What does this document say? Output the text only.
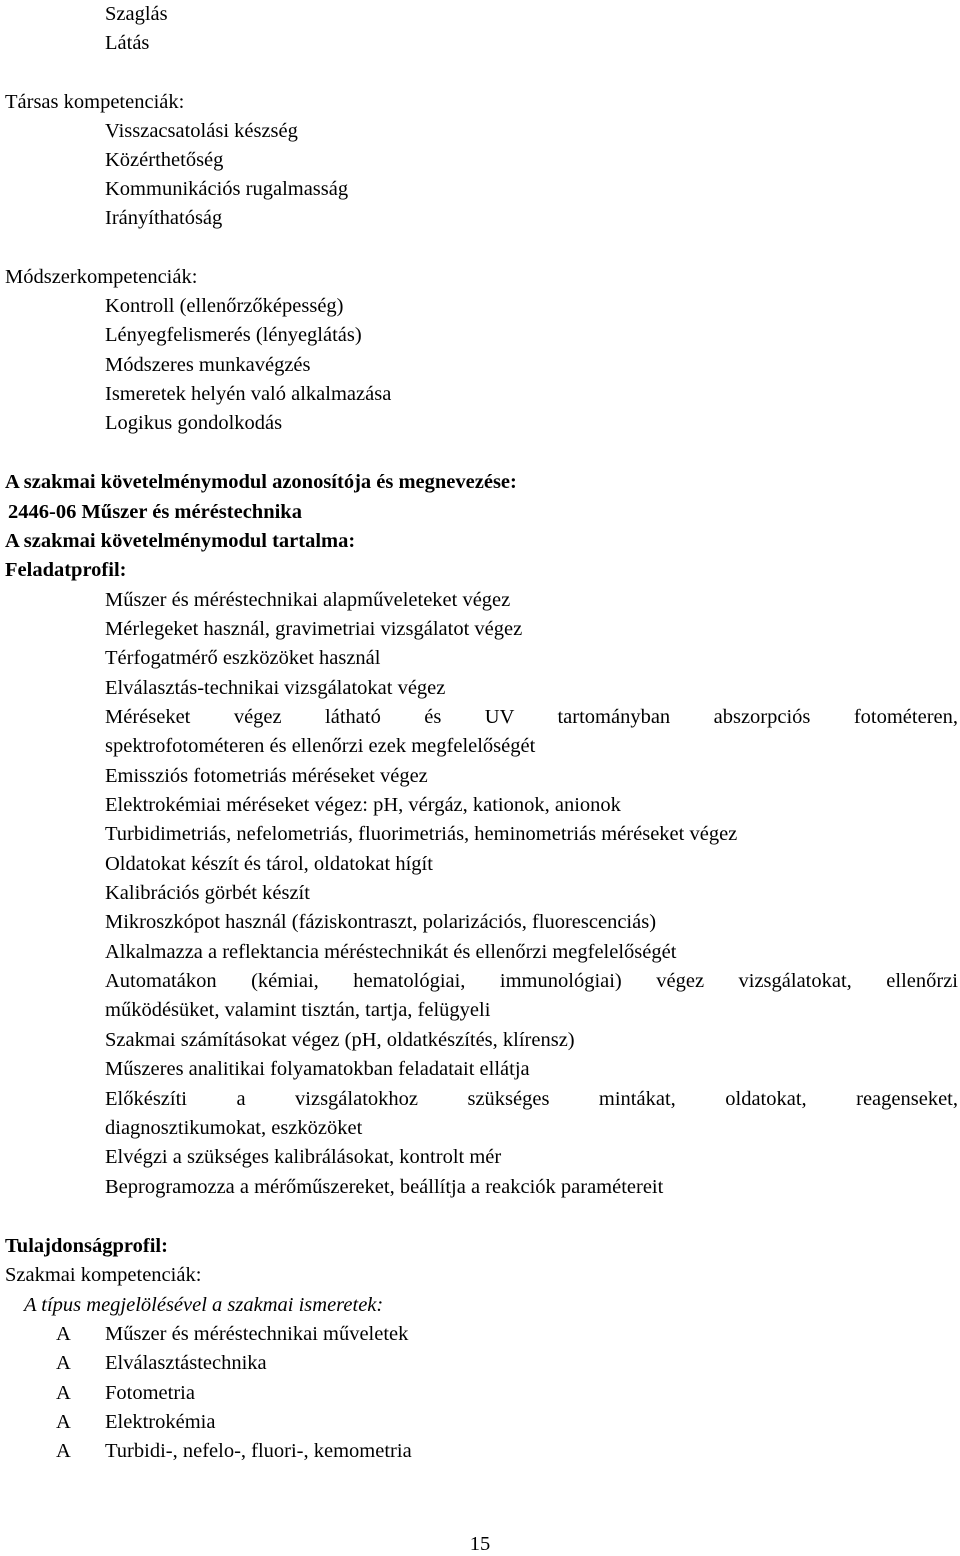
Szaglás
Látás
Társas kompetenciák:
Visszacsatolási készség
Közérthetőség
Kommunikációs rugalmasság
Irányíthatóság
Módszerkompetenciák:
Kontroll (ellenőrzőképesség)
Lényegfelismerés (lényeglátás)
Módszeres munkavégzés
Ismeretek helyén való alkalmazása
Logikus gondolkodás
A szakmai követelménymodul azonosítója és megnevezése:
2446-06 Műszer és méréstechnika
A szakmai követelménymodul tartalma:
Feladatprofil:
Műszer és méréstechnikai alapműveleteket végez
Mérlegeket használ, gravimetriai vizsgálatot végez
Térfogatmérő eszközöket használ
Elválasztás-technikai vizsgálatokat végez
Méréseket végez látható és UV tartományban abszorpciós fotométeren,
spektrofotométeren és ellenőrzi ezek megfelelőségét
Emissziós fotometriás méréseket végez
Elektrokémiai méréseket végez: pH, vérgáz, kationok, anionok
Turbidimetriás, nefelometriás, fluorimetriás, heminometriás méréseket végez
Oldatokat készít és tárol, oldatokat hígít
Kalibrációs görbét készít
Mikroszkópot használ (fáziskontraszt, polarizációs, fluorescenciás)
Alkalmazza a reflektancia méréstechnikát és ellenőrzi megfelelőségét
Automatákon (kémiai, hematológiai, immunológiai) végez vizsgálatokat, ellenőrzi
működésüket, valamint tisztán, tartja, felügyeli
Szakmai számításokat végez (pH, oldatkészítés, klírensz)
Műszeres analitikai folyamatokban feladatait ellátja
Előkészíti a vizsgálatokhoz szükséges mintákat, oldatokat, reagenseket,
diagnosztikumokat, eszközöket
Elvégzi a szükséges kalibrálásokat, kontrolt mér
Beprogramozza a mérőműszereket, beállítja a reakciók paramétereit
Tulajdonságprofil:
Szakmai kompetenciák:
A típus megjelölésével a szakmai ismeretek:
A Műszer és méréstechnikai műveletek
A Elválasztástechnika
A Fotometria
A Elektrokémia
A Turbidi-, nefelo-, fluori-, kemometria
15
